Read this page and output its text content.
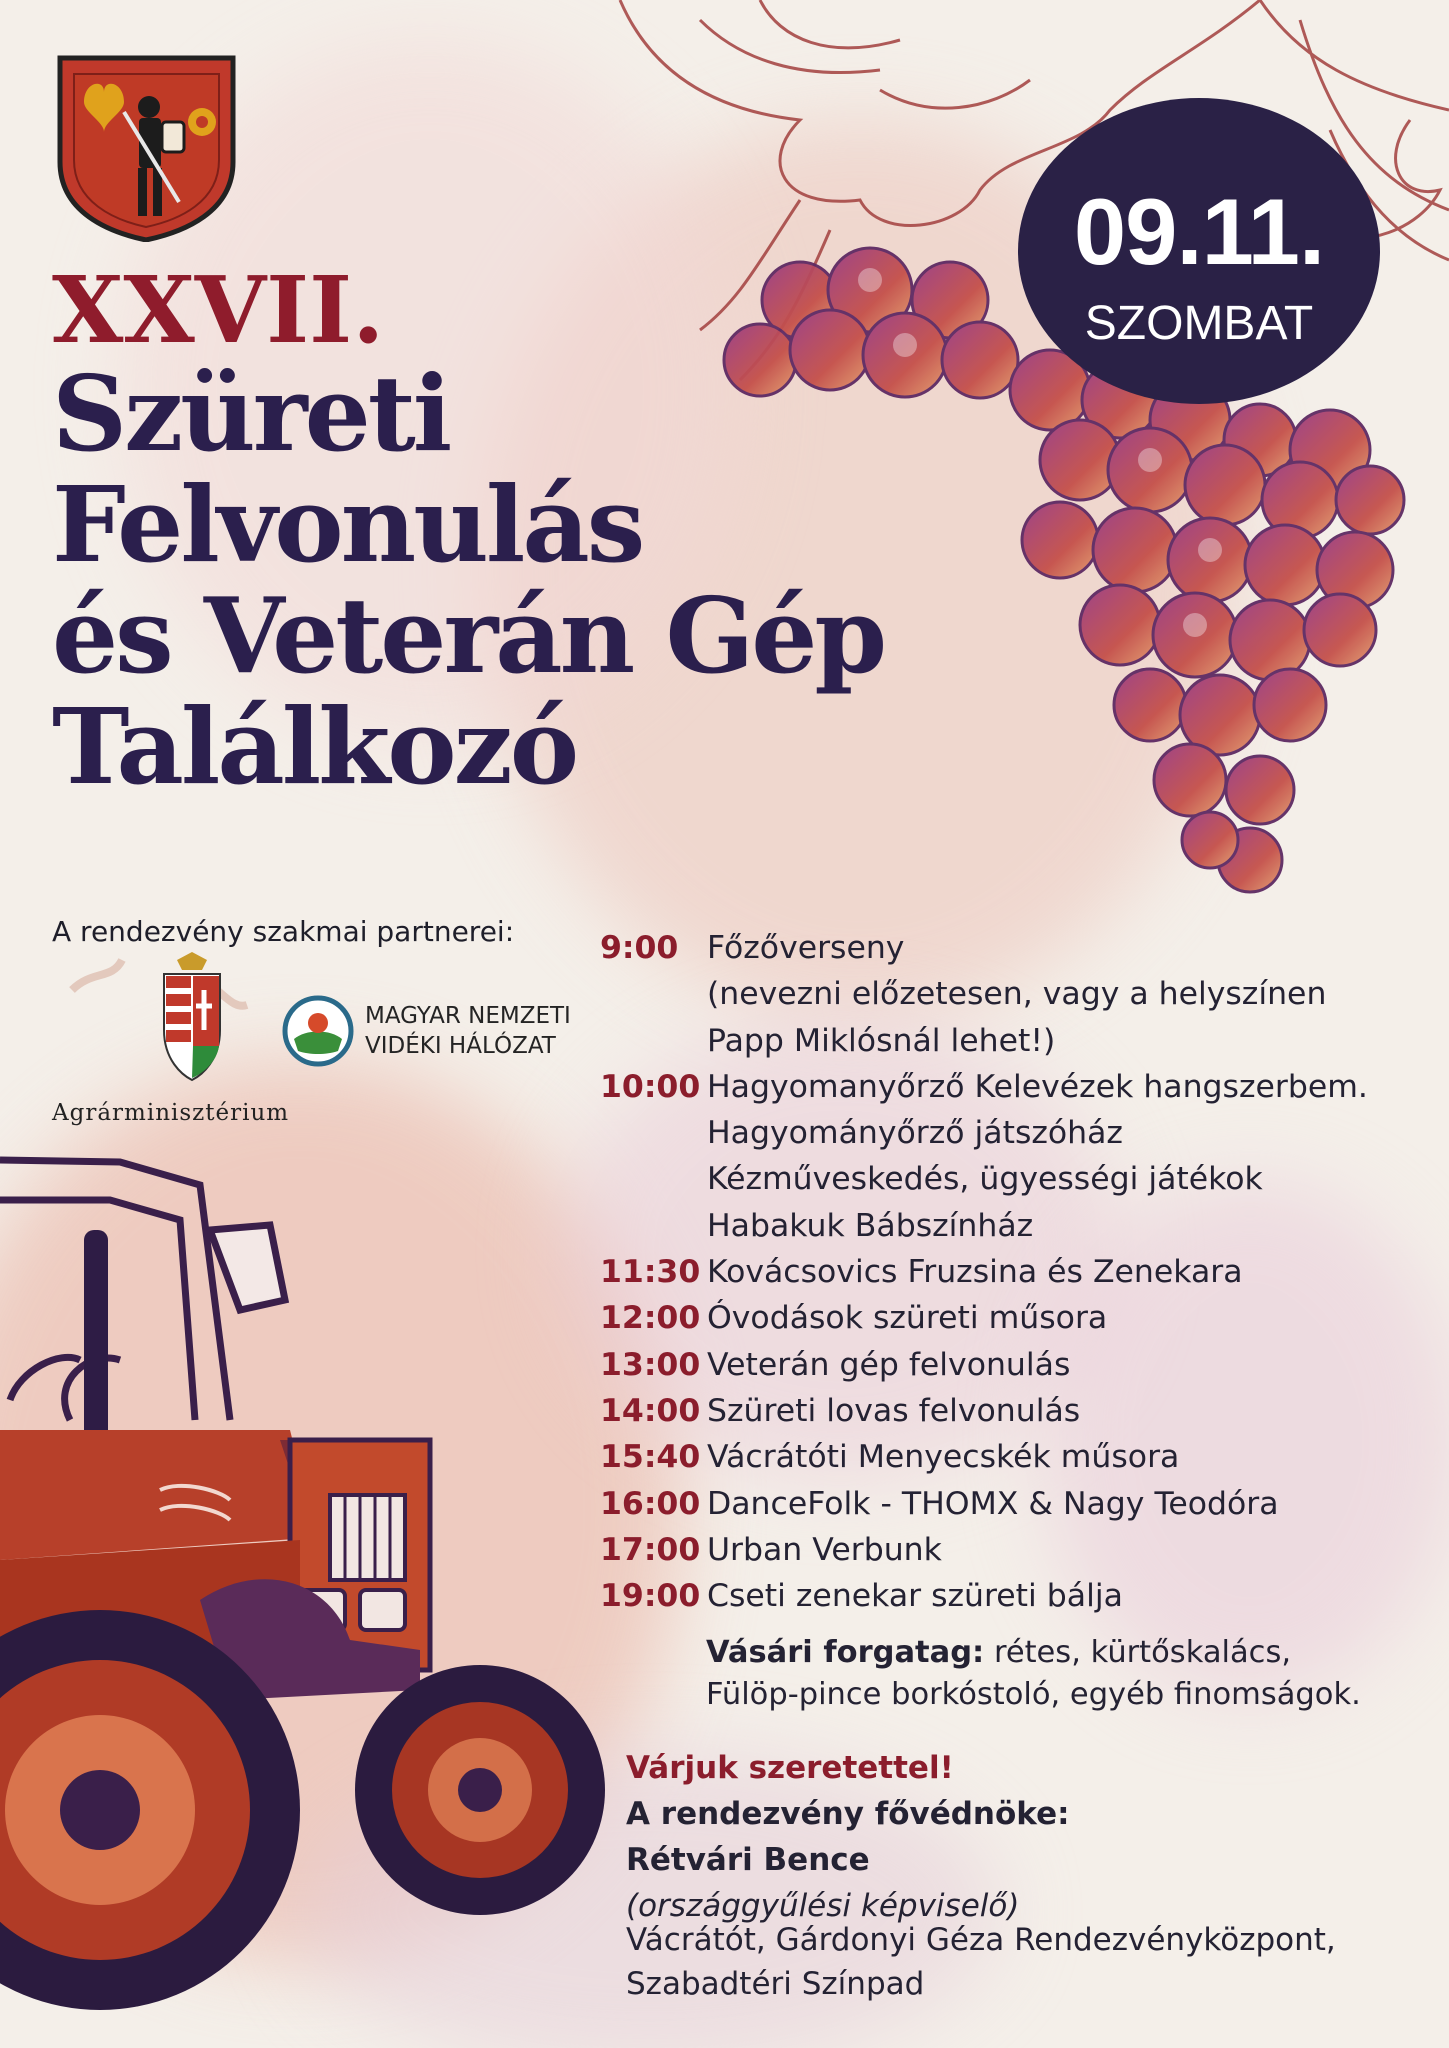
XXVII.
Szüreti
Felvonulás
és Veterán Gép
Találkozó
09.11.
SZOMBAT
A rendezvény szakmai partnerei:
Agrárminisztérium
MAGYAR NEMZETI
VIDÉKI HÁLÓZAT
9:00 Főzőverseny
(nevezni előzetesen, vagy a helyszínen
Papp Miklósnál lehet!)
10:00 Hagyomanyőrző Kelevézek hangszerbem.
Hagyományőrző játszóház
Kézműveskedés, ügyességi játékok
Habakuk Bábszínház
11:30 Kovácsovics Fruzsina és Zenekara
12:00 Óvodások szüreti műsora
13:00 Veterán gép felvonulás
14:00 Szüreti lovas felvonulás
15:40 Vácrátóti Menyecskék műsora
16:00 DanceFolk - THOMX & Nagy Teodóra
17:00 Urban Verbunk
19:00 Cseti zenekar szüreti bálja
Vásári forgatag: rétes, kürtőskalács,
Fülöp-pince borkóstoló, egyéb finomságok.
Várjuk szeretettel!
A rendezvény fővédnöke:
Rétvári Bence
(országgyűlési képviselő)
Vácrátót, Gárdonyi Géza Rendezvényközpont,
Szabadtéri Színpad
